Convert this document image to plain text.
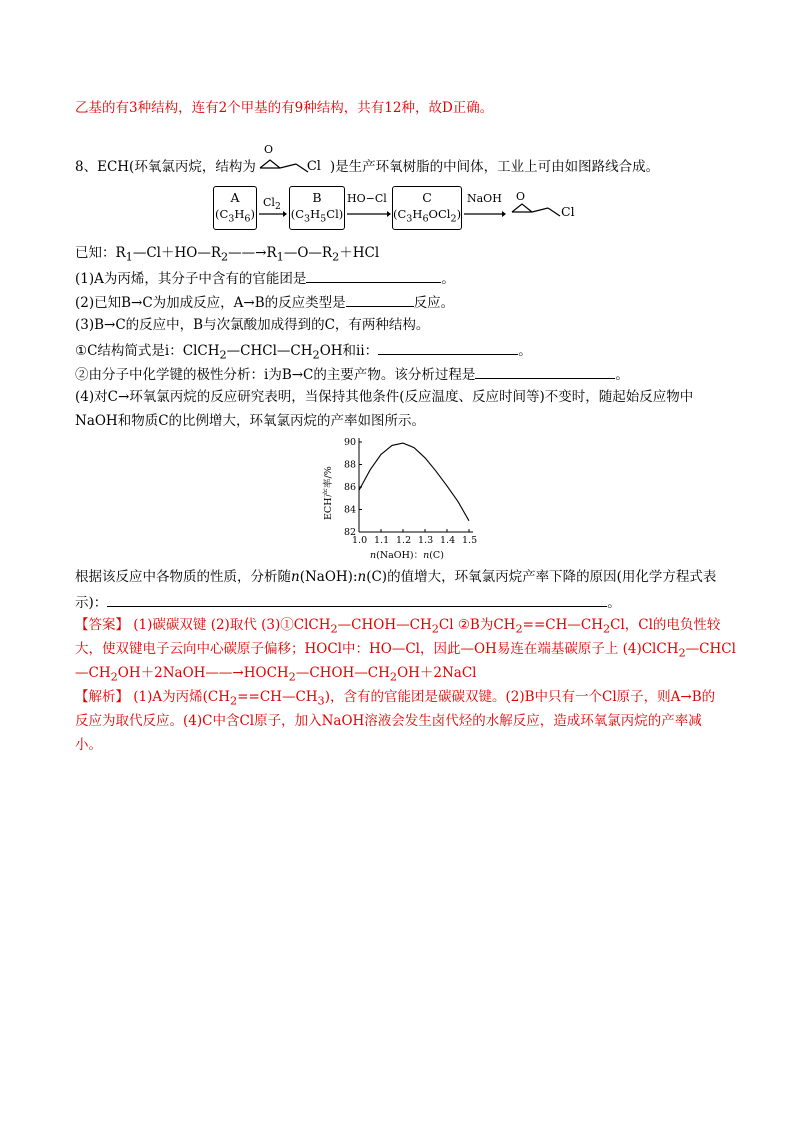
乙基的有3种结构，连有2个甲基的有9种结构，共有12种，故D正确。
8、ECH(环氧氯丙烷，结构为
O
Cl )是生产环氧树脂的中间体，工业上可由如图路线合成。
A
$(C_3H_6)$
$Cl_2$
B
$(C_3H_5Cl)$
HO−Cl	C
$(C_3H_6OCl_2)$
NaOH O
Cl
已知：$R_1—Cl+HO—R_2——\to R_1—O—R_2+HCl$
(1)A为丙烯，其分子中含有的官能团是	。
(2)已知B→C为加成反应，A→B的反应类型是	反应。
(3)B→C的反应中，B与次氯酸加成得到的C，有两种结构。
①C结构简式是ⅰ：$ClCH_2—CHCl—CH_2OH$和ⅱ：	。
②由分子中化学键的极性分析：ⅰ为B→C的主要产物。该分析过程是	。
(4)对C→环氧氯丙烷的反应研究表明，当保持其他条件(反应温度、反应时间等)不变时，随起始反应物中
NaOH和物质C的比例增大，环氧氯丙烷的产率如图所示。
1.0 1.1 1.2 1.3 1.4 1.5
82
84
86
88
90
ECH产率/%
n(NaOH)：n(C)
根据该反应中各物质的性质，分析随n(NaOH):n(C)的值增大，环氧氯丙烷产率下降的原因(用化学方程式表
示)：	。
【答案】 (1)碳碳双键 (2)取代 $(3)①ClCH_2—CHOH—CH_2Cl$ ②B为$CH_2==CH—CH_2Cl$，Cl的电负性较
大，使双键电子云向中心碳原子偏移；HOCl中：HO—Cl，因此—OH易连在端基碳原子上 (4)ClCH$_2$—CHCl
$—CH_2OH+2NaOH——\to HOCH_2—CHOH—CH_2OH+2NaCl$
【解析】 (1)A为丙烯$(CH_2==CH—CH_3)$，含有的官能团是碳碳双键。(2)B中只有一个Cl原子，则A→B的
反应为取代反应。(4)C中含Cl原子，加入NaOH溶液会发生卤代烃的水解反应，造成环氧氯丙烷的产率减
小。
